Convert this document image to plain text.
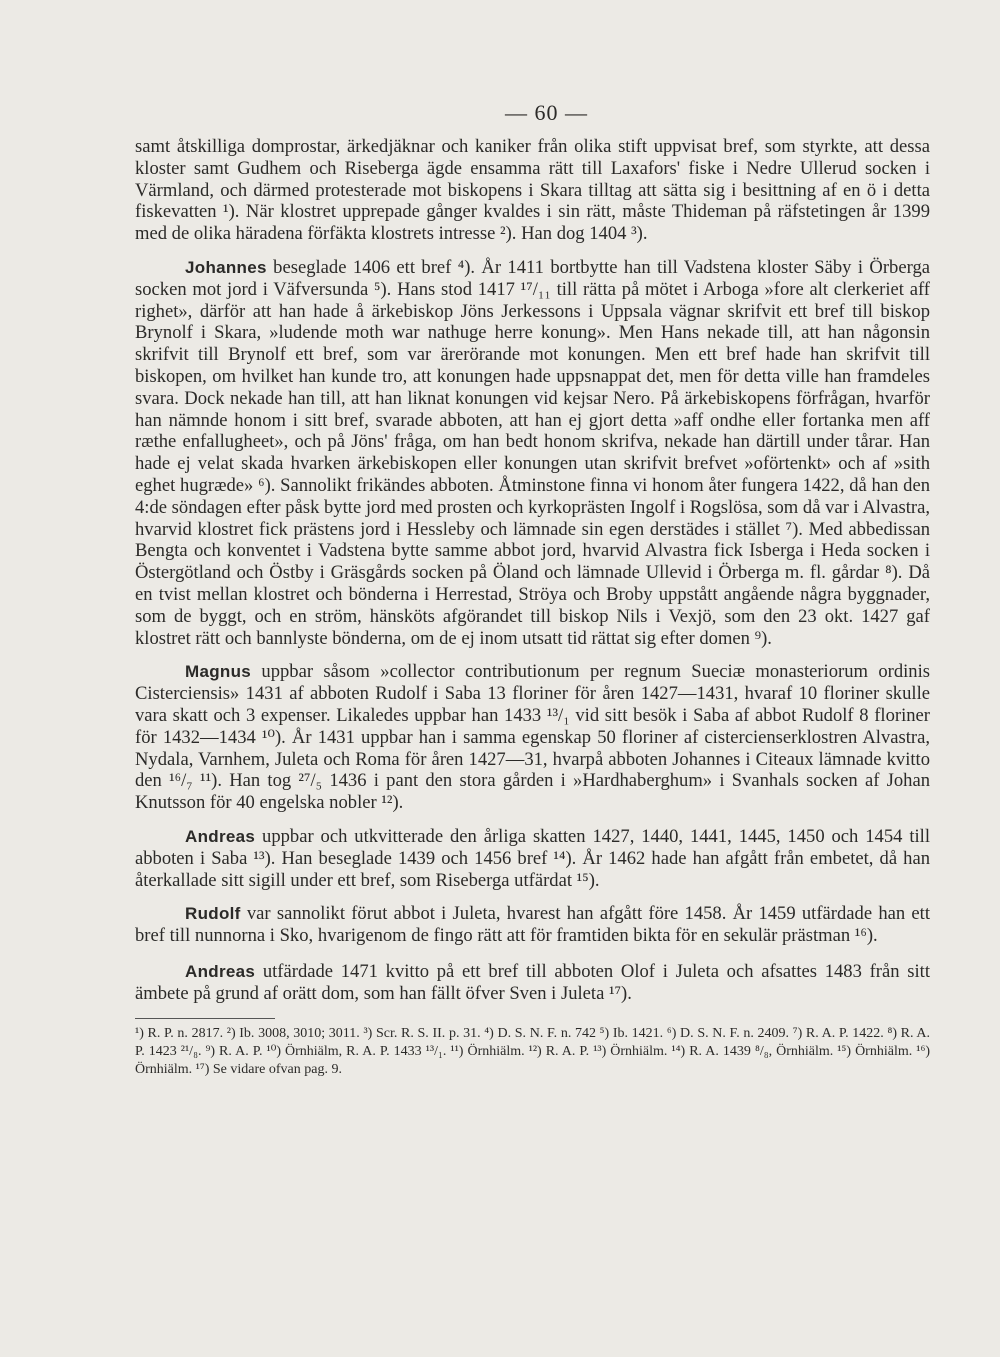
— 60 —

samt åtskilliga domprostar, ärkedjäknar och kaniker från olika stift uppvisat bref, som styrkte, att dessa kloster samt Gudhem och Riseberga ägde ensamma rätt till Laxafors' fiske i Nedre Ullerud socken i Värmland, och därmed protesterade mot biskopens i Skara tilltag att sätta sig i besittning af en ö i detta fiskevatten ¹). När klostret upprepade gånger kvaldes i sin rätt, måste Thideman på räfstetingen år 1399 med de olika häradena förfäkta klostrets intresse ²). Han dog 1404 ³).

Johannes beseglade 1406 ett bref ⁴). År 1411 bortbytte han till Vadstena kloster Säby i Örberga socken mot jord i Väfversunda ⁵). Hans stod 1417 ¹⁷/₁₁ till rätta på mötet i Arboga »fore alt clerkeriet aff righet», därför att han hade å ärkebiskop Jöns Jerkessons i Uppsala vägnar skrifvit ett bref till biskop Brynolf i Skara, »ludende moth war nathuge herre konung». Men Hans nekade till, att han någonsin skrifvit till Brynolf ett bref, som var ärerörande mot konungen. Men ett bref hade han skrifvit till biskopen, om hvilket han kunde tro, att konungen hade uppsnappat det, men för detta ville han framdeles svara. Dock nekade han till, att han liknat konungen vid kejsar Nero. På ärkebiskopens förfrågan, hvarför han nämnde honom i sitt bref, svarade abboten, att han ej gjort detta »aff ondhe eller fortanka men aff ræthe enfallugheet», och på Jöns' fråga, om han bedt honom skrifva, nekade han därtill under tårar. Han hade ej velat skada hvarken ärkebiskopen eller konungen utan skrifvit brefvet »oförtenkt» och af »sith eghet hugræde» ⁶). Sannolikt frikändes abboten. Åtminstone finna vi honom åter fungera 1422, då han den 4:de söndagen efter påsk bytte jord med prosten och kyrkoprästen Ingolf i Rogslösa, som då var i Alvastra, hvarvid klostret fick prästens jord i Hessleby och lämnade sin egen derstädes i stället ⁷). Med abbedissan Bengta och konventet i Vadstena bytte samme abbot jord, hvarvid Alvastra fick Isberga i Heda socken i Östergötland och Östby i Gräsgårds socken på Öland och lämnade Ullevid i Örberga m. fl. gårdar ⁸). Då en tvist mellan klostret och bönderna i Herrestad, Ströya och Broby uppstått angående några byggnader, som de byggt, och en ström, hänsköts afgörandet till biskop Nils i Vexjö, som den 23 okt. 1427 gaf klostret rätt och bannlyste bönderna, om de ej inom utsatt tid rättat sig efter domen ⁹).

Magnus uppbar såsom »collector contributionum per regnum Sueciæ monasteriorum ordinis Cisterciensis» 1431 af abboten Rudolf i Saba 13 floriner för åren 1427—1431, hvaraf 10 floriner skulle vara skatt och 3 expenser. Likaledes uppbar han 1433 ¹³/₁ vid sitt besök i Saba af abbot Rudolf 8 floriner för 1432—1434 ¹⁰). År 1431 uppbar han i samma egenskap 50 floriner af cistercienserklostren Alvastra, Nydala, Varnhem, Juleta och Roma för åren 1427—31, hvarpå abboten Johannes i Citeaux lämnade kvitto den ¹⁶/₇ ¹¹). Han tog ²⁷/₅ 1436 i pant den stora gården i »Hardhaberghum» i Svanhals socken af Johan Knutsson för 40 engelska nobler ¹²).

Andreas uppbar och utkvitterade den årliga skatten 1427, 1440, 1441, 1445, 1450 och 1454 till abboten i Saba ¹³). Han beseglade 1439 och 1456 bref ¹⁴). År 1462 hade han afgått från embetet, då han återkallade sitt sigill under ett bref, som Riseberga utfärdat ¹⁵).

Rudolf var sannolikt förut abbot i Juleta, hvarest han afgått före 1458. År 1459 utfärdade han ett bref till nunnorna i Sko, hvarigenom de fingo rätt att för framtiden bikta för en sekulär prästman ¹⁶).

Andreas utfärdade 1471 kvitto på ett bref till abboten Olof i Juleta och afsattes 1483 från sitt ämbete på grund af orätt dom, som han fällt öfver Sven i Juleta ¹⁷).

¹) R. P. n. 2817. ²) Ib. 3008, 3010; 3011. ³) Scr. R. S. II. p. 31. ⁴) D. S. N. F. n. 742 ⁵) Ib. 1421. ⁶) D. S. N. F. n. 2409. ⁷) R. A. P. 1422. ⁸) R. A. P. 1423 ²¹/₈. ⁹) R. A. P. ¹⁰) Örnhiälm, R. A. P. 1433 ¹³/₁. ¹¹) Örnhiälm. ¹²) R. A. P. ¹³) Örnhiälm. ¹⁴) R. A. 1439 ⁸/₈, Örnhiälm. ¹⁵) Örnhiälm. ¹⁶) Örnhiälm. ¹⁷) Se vidare ofvan pag. 9.
